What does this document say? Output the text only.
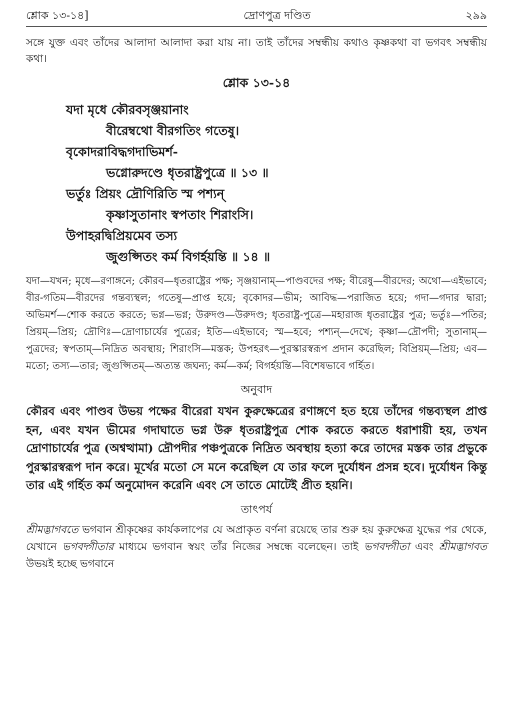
শ্লোক ১৩-১৪]	দ্রোণপুত্র দণ্ডিত	২৯৯

সঙ্গে যুক্ত এবং তাঁদের আলাদা আলাদা করা যায় না। তাই তাঁদের সম্বন্ধীয় কথাও কৃষ্ণকথা বা ভগবৎ সম্বন্ধীয় কথা।

শ্লোক ১৩-১৪
যদা মৃধে কৌরবসৃঞ্জয়ানাং
বীরেম্বথো বীরগতিং গতেষু।
বৃকোদরাবিদ্ধগদাভিমর্শ-
ভগ্নোরুদণ্ডে ধৃতরাষ্ট্রপুত্রে ॥ ১৩ ॥
ভর্তুঃ প্রিয়ং দ্রৌণিরিতি স্ম পশ্যন্
কৃষ্ণাসুতানাং স্বপতাং শিরাংসি।
উপাহরদ্বিপ্রিয়মেব তস্য
জুগুপ্সিতং কর্ম বিগর্হয়ন্তি ॥ ১৪ ॥

যদা—যখন; মৃধে—রণাঙ্গনে; কৌরব—ধৃতরাষ্ট্রের পক্ষ; সৃঞ্জয়ানাম্—পাণ্ডবদের পক্ষ; বীরেষু—বীরদের; অথো—এইভাবে; বীর-গতিম—বীরদের গন্তব্যস্থল; গতেষু—প্রাপ্ত হয়ে; বৃকোদর—ভীম; আবিদ্ধ—পরাজিত হয়ে; গদা—গদার দ্বারা; অভিমর্শ—শোক করতে করতে; ভগ্ন—ভগ্ন; উরুদণ্ড—উরুদণ্ড; ধৃতরাষ্ট্র-পুত্রে—মহারাজ ধৃতরাষ্ট্রের পুত্র; ভর্তুঃ—পতির; প্রিয়ম্—প্রিয়; দ্রৌণিঃ—দ্রোণাচার্যের পুত্রের; ইতি—এইভাবে; স্ম—হবে; পশ্যন্—দেখে; কৃষ্ণা—দ্রৌপদী; সুতানাম্—পুত্রদের; স্বপতাম্—নিদ্রিত অবস্থায়; শিরাংসি—মস্তক; উপহরৎ—পুরস্কারস্বরূপ প্রদান করেছিল; বিপ্রিয়ম্—প্রিয়; এব—মতো; তস্য—তার; জুগুপ্সিতম্—অত্যন্ত জঘন্য; কর্ম—কর্ম; বিগর্হয়ন্তি—বিশেষভাবে গর্হিত।

অনুবাদ

কৌরব এবং পাণ্ডব উভয় পক্ষের বীরেরা যখন কুরুক্ষেত্রের রণাঙ্গণে হত হয়ে তাঁদের গন্তব্যস্থল প্রাপ্ত হন, এবং যখন ভীমের গদাঘাতে ভগ্ন উরু ধৃতরাষ্ট্রপুত্র শোক করতে করতে ধরাশায়ী হয়, তখন দ্রোণাচার্যের পুত্র (অশ্বত্থামা) দ্রৌপদীর পঞ্চপুত্রকে নিদ্রিত অবস্থায় হত্যা করে তাদের মস্তক তার প্রভুকে পুরস্কারস্বরূপ দান করে। মূর্খের মতো সে মনে করেছিল যে তার ফলে দুর্যোধন প্রসন্ন হবে। দুর্যোধন কিন্তু তার এই গর্হিত কর্ম অনুমোদন করেনি এবং সে তাতে মোটেই প্রীত হয়নি।

তাৎপর্য

শ্রীমদ্ভাগবতে ভগবান শ্রীকৃষ্ণের কার্যকলাপের যে অপ্রাকৃত বর্ণনা রয়েছে তার শুরু হয় কুরুক্ষেত্র যুদ্ধের পর থেকে, যেখানে ভগবদ্গীতার মাধ্যমে ভগবান স্বয়ং তাঁর নিজের সম্বন্ধে বলেছেন। তাই ভগবদ্গীতা এবং শ্রীমদ্ভাগবত উভয়ই হচ্ছে ভগবানে
